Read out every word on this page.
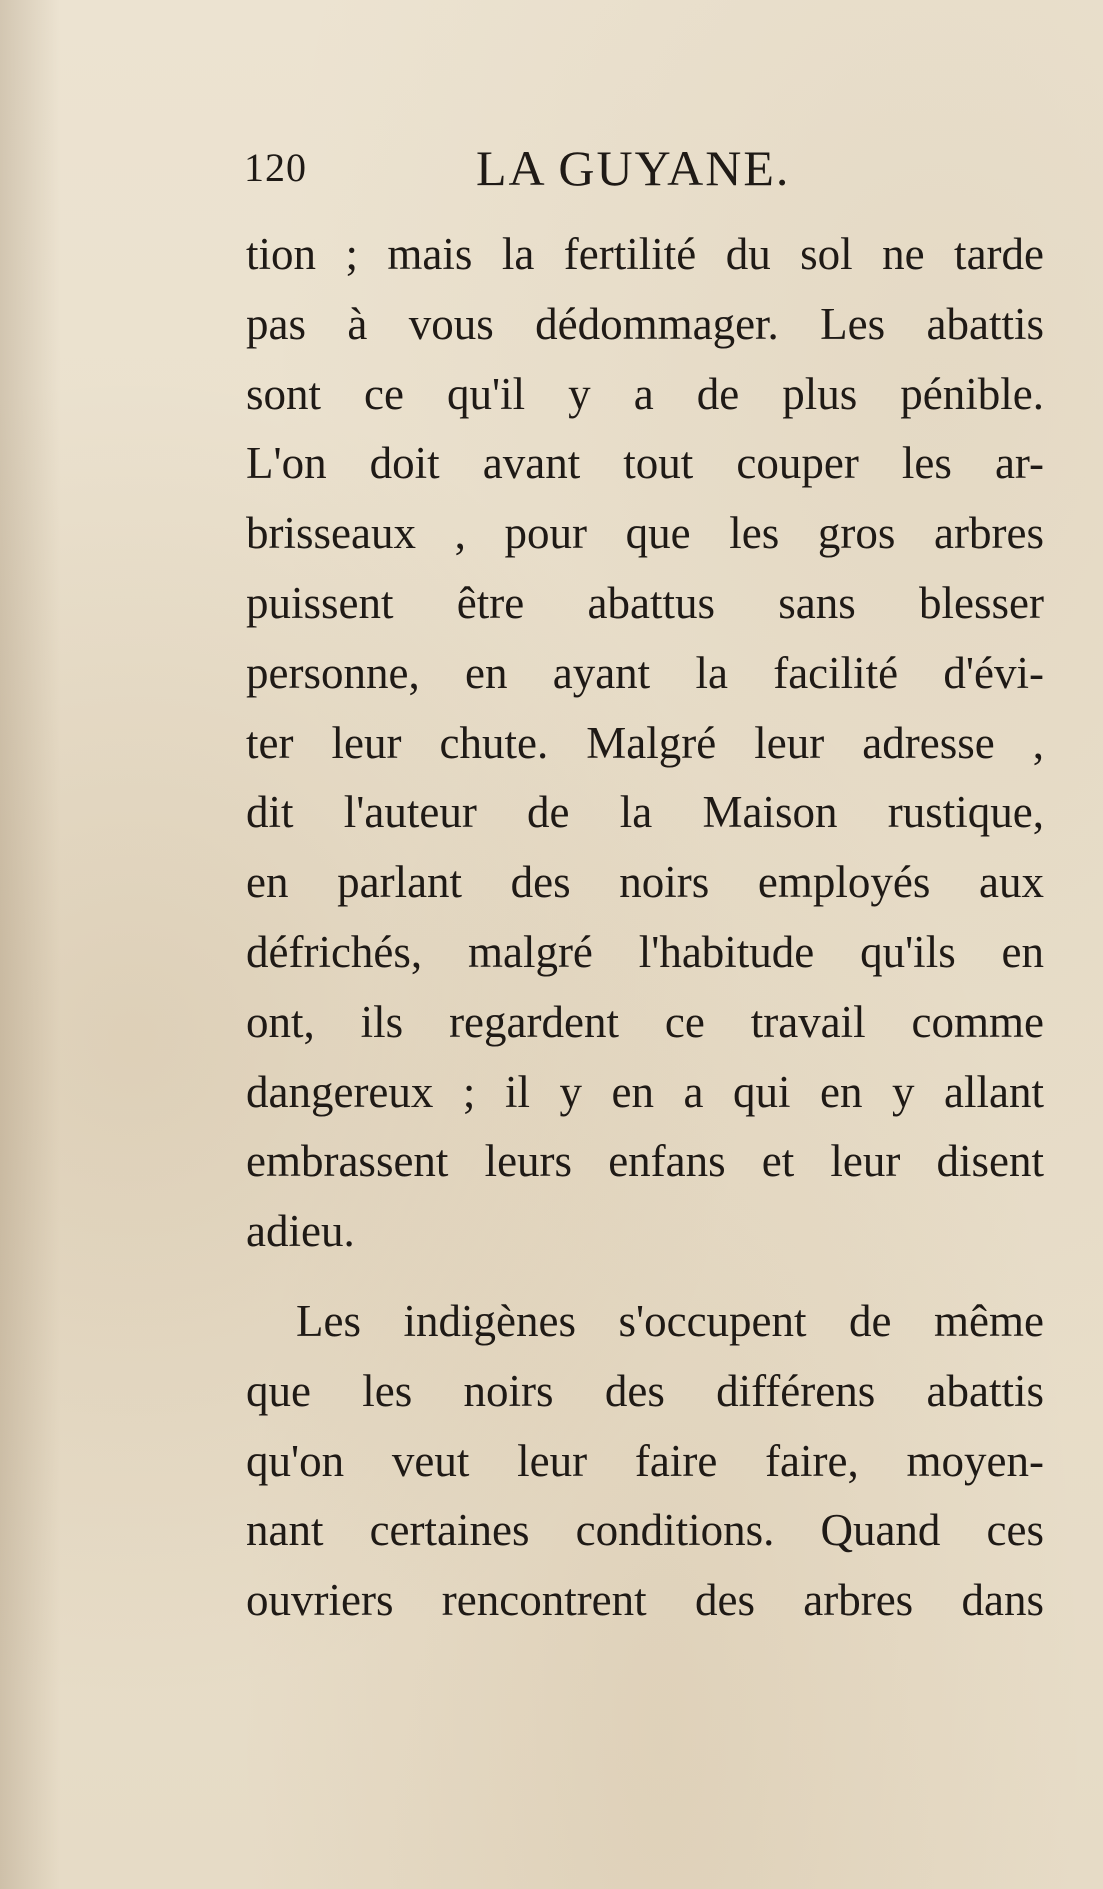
120	LA GUYANE.
tion ; mais la fertilité du sol ne tarde
pas à vous dédommager. Les abattis
sont ce qu'il y a de plus pénible.
L'on doit avant tout couper les ar-
brisseaux , pour que les gros arbres
puissent être abattus sans blesser
personne, en ayant la facilité d'évi-
ter leur chute. Malgré leur adresse ,
dit l'auteur de la Maison rustique,
en parlant des noirs employés aux
défrichés, malgré l'habitude qu'ils en
ont, ils regardent ce travail comme
dangereux ; il y en a qui en y allant
embrassent leurs enfans et leur disent
adieu.
Les indigènes s'occupent de même
que les noirs des différens abattis
qu'on veut leur faire faire, moyen-
nant certaines conditions. Quand ces
ouvriers rencontrent des arbres dans
